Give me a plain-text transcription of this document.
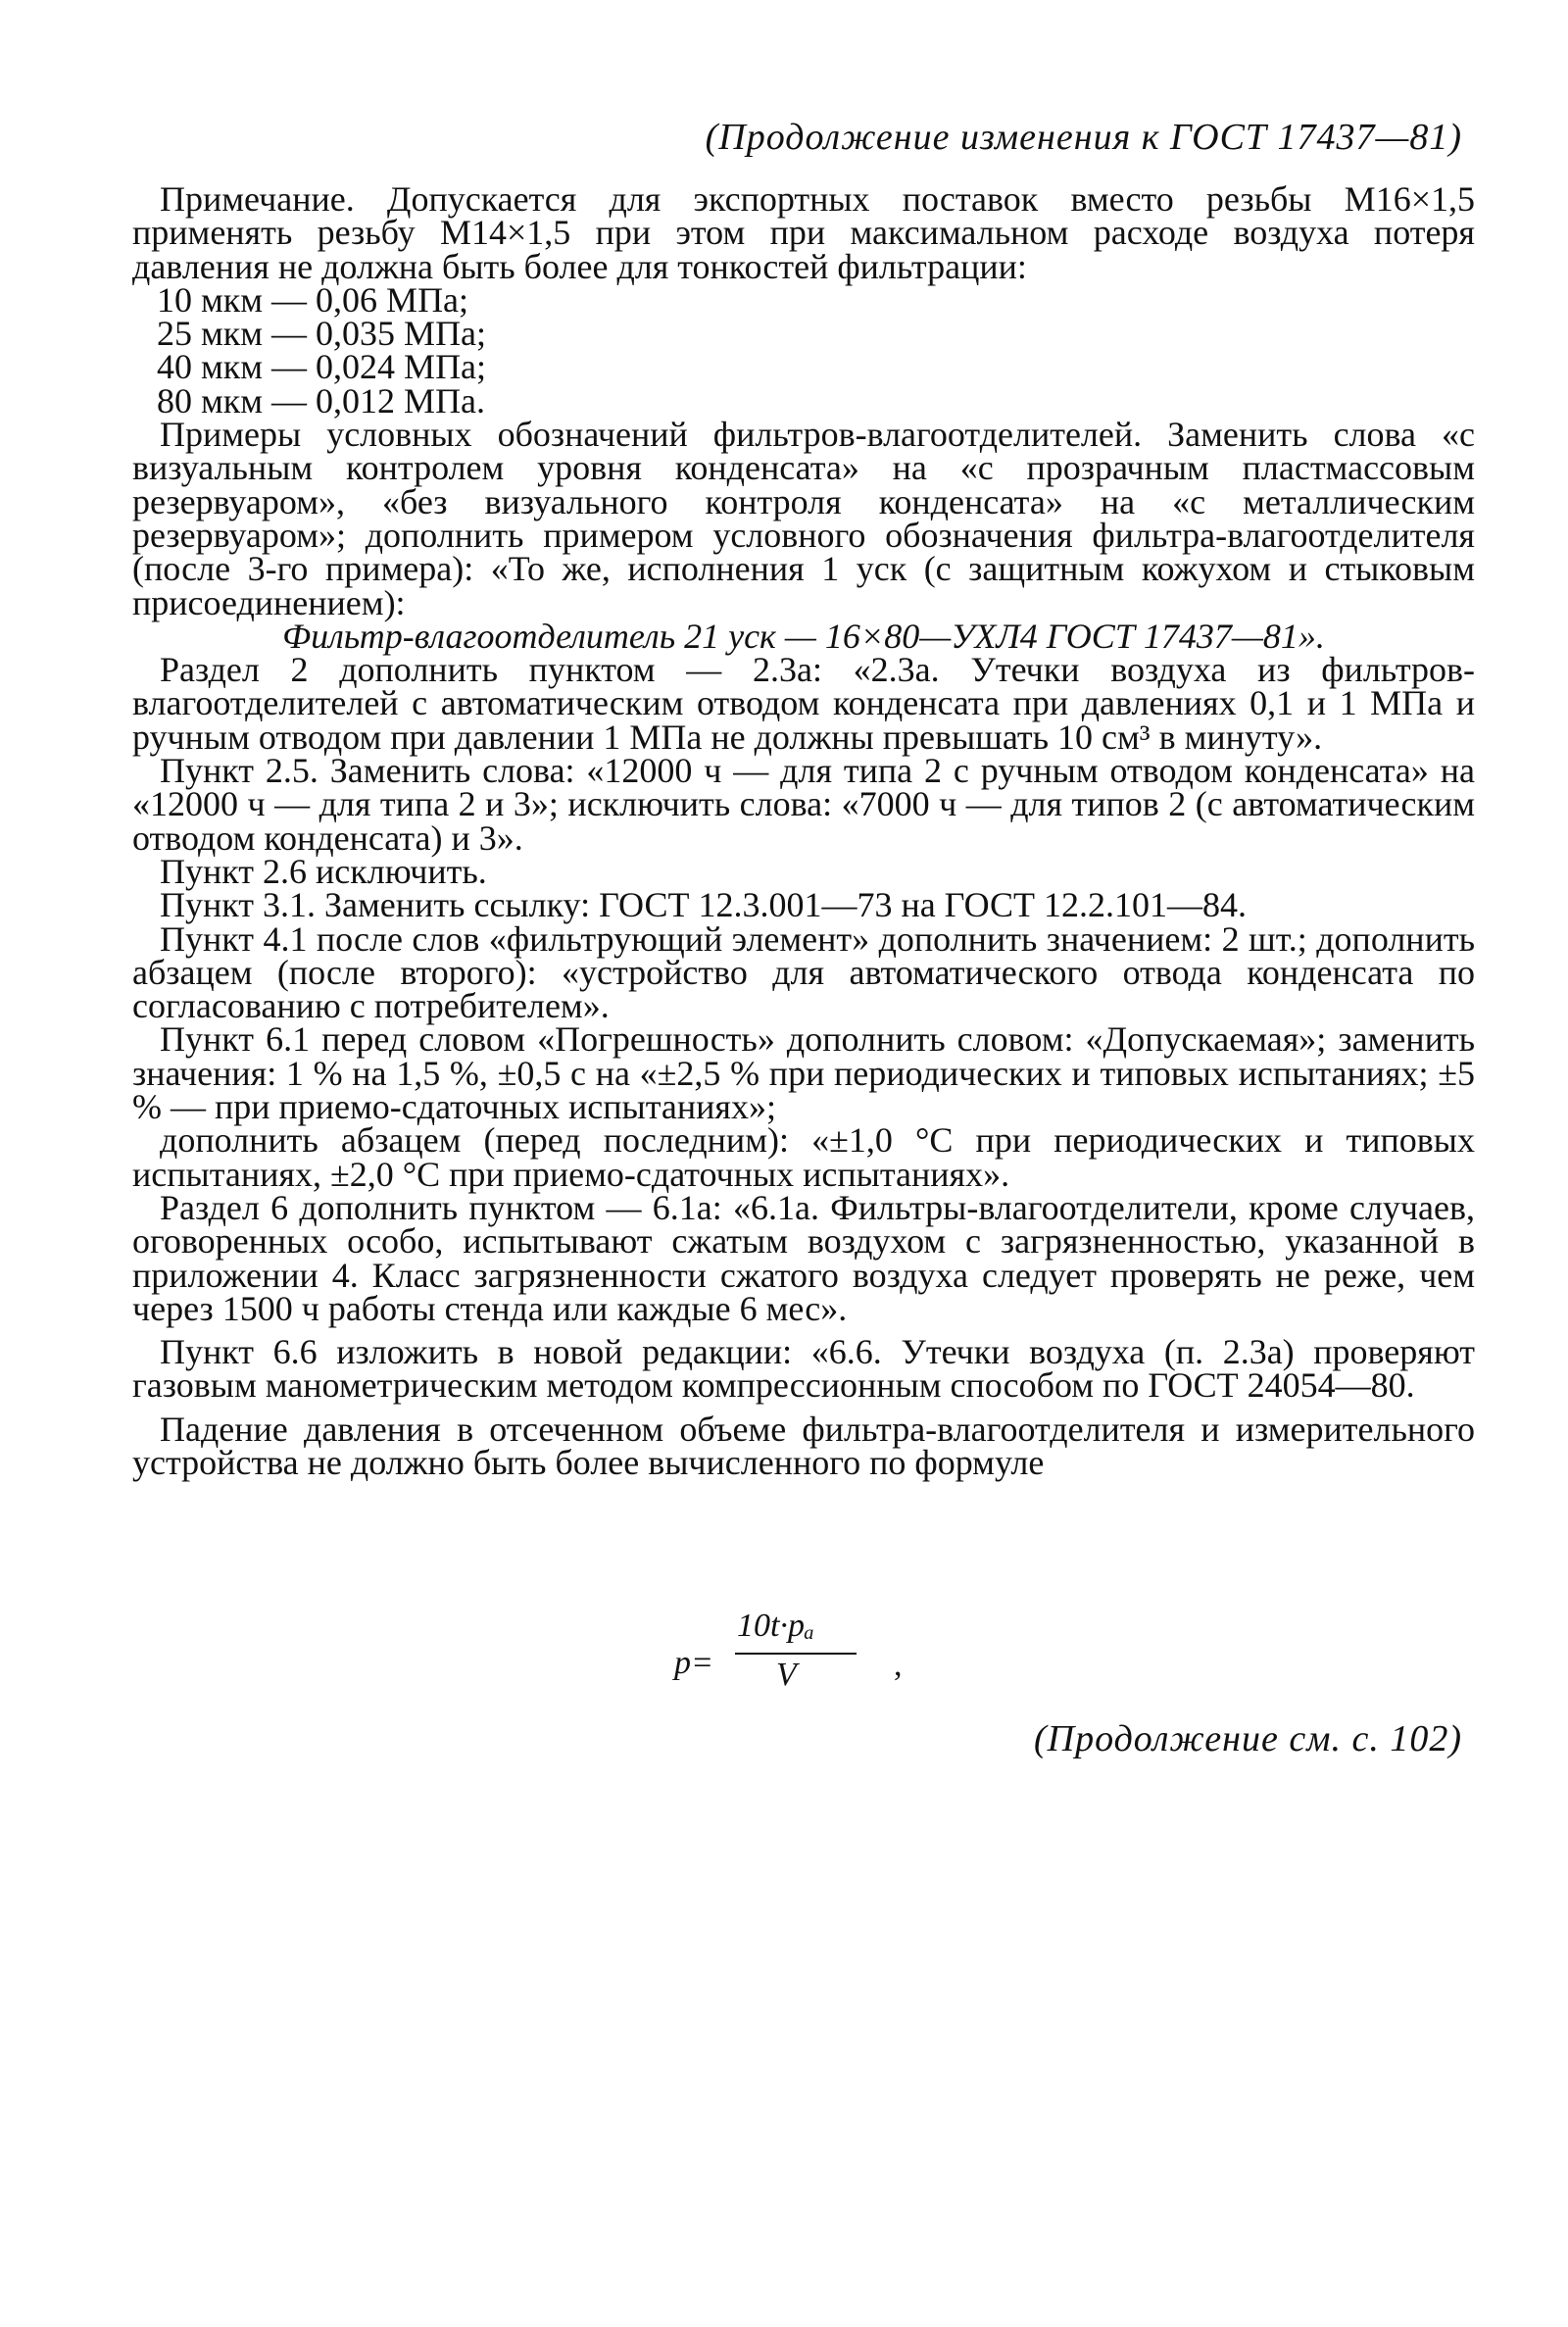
(Продолжение изменения к ГОСТ 17437—81)

Примечание. Допускается для экспортных поставок вместо резьбы М16×1,5 применять резьбу М14×1,5 при этом при максимальном расходе воздуха потеря давления не должна быть более для тонкостей фильтрации:

10 мкм — 0,06 МПа;

25 мкм — 0,035 МПа;

40 мкм — 0,024 МПа;

80 мкм — 0,012 МПа.

Примеры условных обозначений фильтров-влагоотделителей. Заменить слова «с визуальным контролем уровня конденсата» на «с прозрачным пластмассовым резервуаром», «без визуального контроля конденсата» на «с металлическим резервуаром»; дополнить примером условного обозначения фильтра-влагоотделителя (после 3-го примера): «То же, исполнения 1 уск (с защитным кожухом и стыковым присоединением):

Фильтр-влагоотделитель 21 уск — 16×80—УХЛ4 ГОСТ 17437—81».

Раздел 2 дополнить пунктом — 2.3а: «2.3а. Утечки воздуха из фильтров-влагоотделителей с автоматическим отводом конденсата при давлениях 0,1 и 1 МПа и ручным отводом при давлении 1 МПа не должны превышать 10 см³ в минуту».

Пункт 2.5. Заменить слова: «12000 ч — для типа 2 с ручным отводом конденсата» на «12000 ч — для типа 2 и 3»; исключить слова: «7000 ч — для типов 2 (с автоматическим отводом конденсата) и 3».

Пункт 2.6 исключить.

Пункт 3.1. Заменить ссылку: ГОСТ 12.3.001—73 на ГОСТ 12.2.101—84.

Пункт 4.1 после слов «фильтрующий элемент» дополнить значением: 2 шт.; дополнить абзацем (после второго): «устройство для автоматического отвода конденсата по согласованию с потребителем».

Пункт 6.1 перед словом «Погрешность» дополнить словом: «Допускаемая»; заменить значения: 1 % на 1,5 %, ±0,5 с на «±2,5 % при периодических и типовых испытаниях; ±5 % — при приемо-сдаточных испытаниях»;

дополнить абзацем (перед последним): «±1,0 °С при периодических и типовых испытаниях, ±2,0 °С при приемо-сдаточных испытаниях».

Раздел 6 дополнить пунктом — 6.1а: «6.1а. Фильтры-влагоотделители, кроме случаев, оговоренных особо, испытывают сжатым воздухом с загрязненностью, указанной в приложении 4. Класс загрязненности сжатого воздуха следует проверять не реже, чем через 1500 ч работы стенда или каждые 6 мес».

Пункт 6.6 изложить в новой редакции: «6.6. Утечки воздуха (п. 2.3а) проверяют газовым манометрическим методом компрессионным способом по ГОСТ 24054—80.

Падение давления в отсеченном объеме фильтра-влагоотделителя и измерительного устройства не должно быть более вычисленного по формуле

p=
10t·pₐ
V	,
(Продолжение см. с. 102)
